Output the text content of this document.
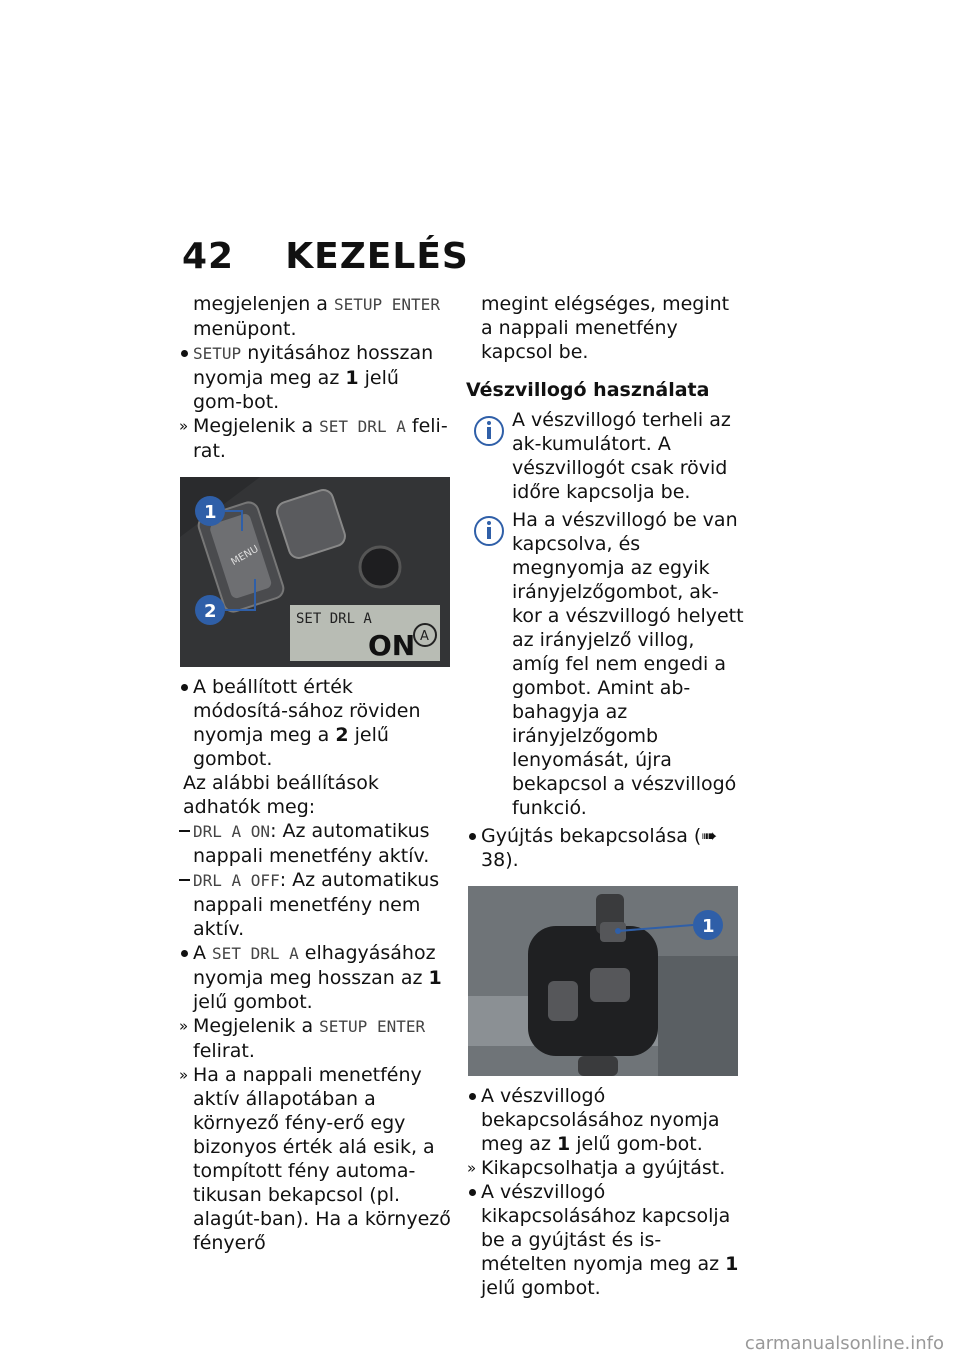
42 KEZELÉS

megjelenjen a SETUP ENTER menüpont.

SETUP nyitásához hosszan nyomja meg az 1 jelű gom-bot.

» Megjelenik a SET DRL A feli-rat.

MENU
SET DRL A
ON A
1
2

A beállított érték módosítá-sához röviden nyomja meg a 2 jelű gombot.

Az alábbi beállítások adhatók meg:

DRL A ON: Az automatikus nappali menetfény aktív.

DRL A OFF: Az automatikus nappali menetfény nem aktív.

A SET DRL A elhagyásához nyomja meg hosszan az 1 jelű gombot.

» Megjelenik a SETUP ENTER felirat.

» Ha a nappali menetfény aktív állapotában a környező fény-erő egy bizonyos érték alá esik, a tompított fény automa-tikusan bekapcsol (pl. alagút-ban). Ha a környező fényerő

megint elégséges, megint a nappali menetfény kapcsol be.

Vészvillogó használata
A vészvillogó terheli az ak-kumulátort. A vészvillogót csak rövid időre kapcsolja be.
Ha a vészvillogó be van kapcsolva, és megnyomja az egyik irányjelzőgombot, ak-kor a vészvillogó helyett az irányjelző villog, amíg fel nem engedi a gombot. Amint ab-bahagyja az irányjelzőgomb lenyomását, újra bekapcsol a vészvillogó funkció.

Gyújtás bekapcsolása (➠ 38).

1

A vészvillogó bekapcsolásához nyomja meg az 1 jelű gom-bot.

» Kikapcsolhatja a gyújtást.

A vészvillogó kikapcsolásához kapcsolja be a gyújtást és is-mételten nyomja meg az 1 jelű gombot.

carmanualsonline.info
